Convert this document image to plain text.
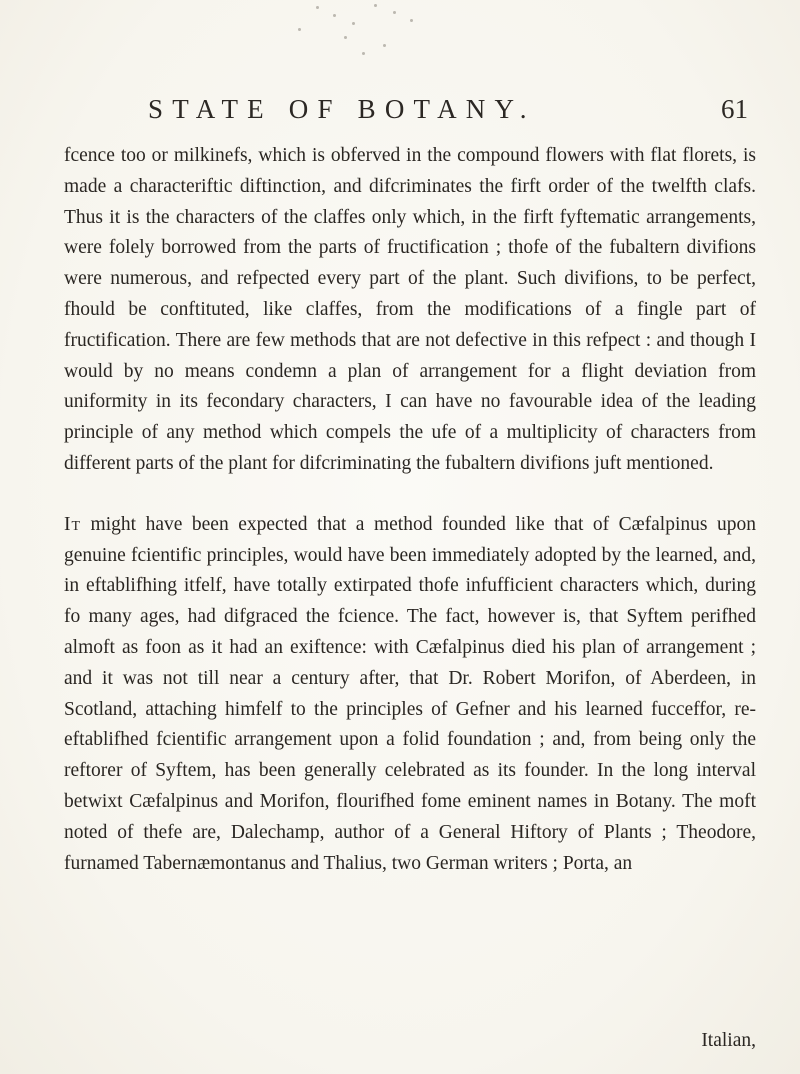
STATE OF BOTANY.	61

fcence too or milkinefs, which is obferved in the compound flowers with flat florets, is made a characteriftic diftinction, and difcriminates the firft order of the twelfth clafs. Thus it is the characters of the claffes only which, in the firft fyftematic arrangements, were folely borrowed from the parts of fructification ; thofe of the fubaltern divifions were numerous, and refpected every part of the plant. Such divifions, to be perfect, fhould be conftituted, like claffes, from the modifications of a fingle part of fructification. There are few methods that are not defective in this refpect : and though I would by no means condemn a plan of arrangement for a flight deviation from uniformity in its fecondary characters, I can have no favourable idea of the leading principle of any method which compels the ufe of a multiplicity of characters from different parts of the plant for difcriminating the fubaltern divifions juft mentioned.

It might have been expected that a method founded like that of Cæfalpinus upon genuine fcientific principles, would have been immediately adopted by the learned, and, in eftablifhing itfelf, have totally extirpated thofe infufficient characters which, during fo many ages, had difgraced the fcience. The fact, however is, that Syftem perifhed almoft as foon as it had an exiftence: with Cæfalpinus died his plan of arrangement ; and it was not till near a century after, that Dr. Robert Morifon, of Aberdeen, in Scotland, attaching himfelf to the principles of Gefner and his learned fucceffor, re-eftablifhed fcientific arrangement upon a folid foundation ; and, from being only the reftorer of Syftem, has been generally celebrated as its founder. In the long interval betwixt Cæfalpinus and Morifon, flourifhed fome eminent names in Botany. The moft noted of thefe are, Dalechamp, author of a General Hiftory of Plants ; Theodore, furnamed Tabernæmontanus and Thalius, two German writers ; Porta, an

Italian,
